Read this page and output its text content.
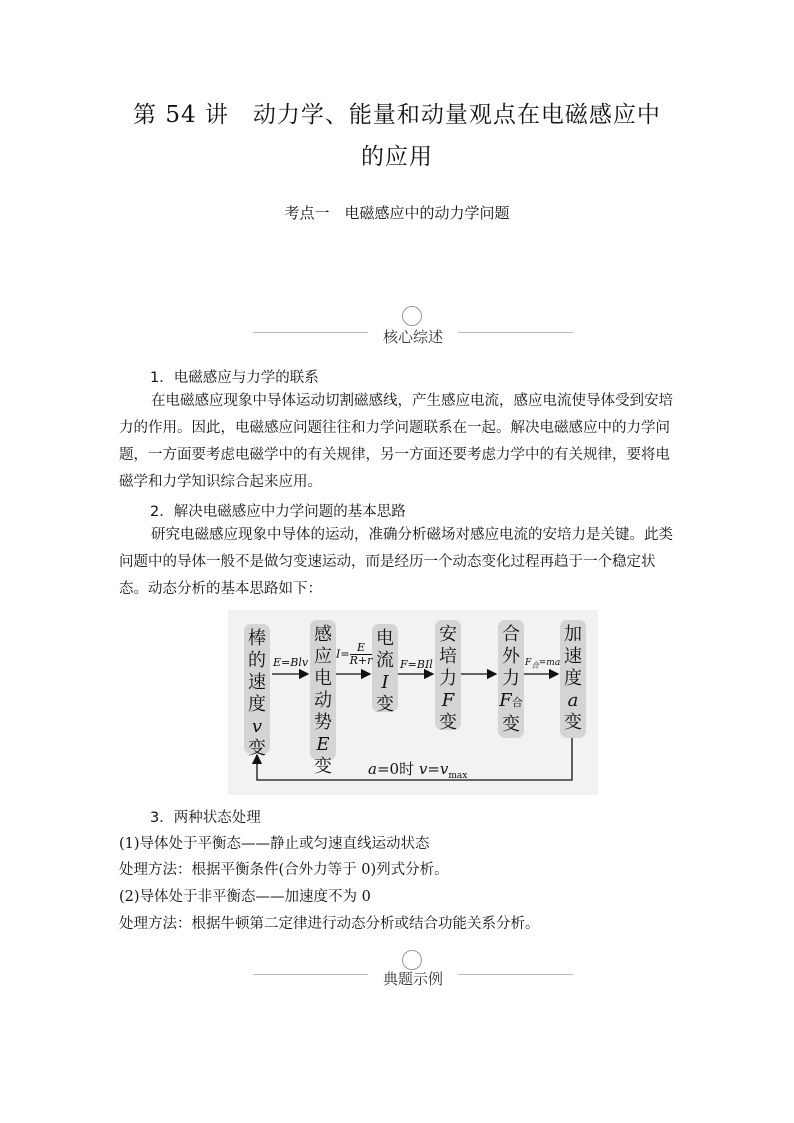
第 54 讲　动力学、能量和动量观点在电磁感应中
的应用
考点一　电磁感应中的动力学问题
核心综述
1．电磁感应与力学的联系
在电磁感应现象中导体运动切割磁感线，产生感应电流，感应电流使导体受到安培力的作用。因此，电磁感应问题往往和力学问题联系在一起。解决电磁感应中的力学问题，一方面要考虑电磁学中的有关规律，另一方面还要考虑力学中的有关规律，要将电磁学和力学知识综合起来应用。
2．解决电磁感应中力学问题的基本思路
研究电磁感应现象中导体的运动，准确分析磁场对感应电流的安培力是关键。此类问题中的导体一般不是做匀变速运动，而是经历一个动态变化过程再趋于一个稳定状态。动态分析的基本思路如下：
棒
的
速
度
v
变
感
应
电
动
势
E
变
电
流
I
变
安
培
力
F
变
合
外
力
F合
变
加
速
度
a
变
E=Blv
$I= \frac{E}{R+r}$	F=BIl	$F_合=ma$
a=0时 $v=v_{max}$
3．两种状态处理
(1)导体处于平衡态——静止或匀速直线运动状态
处理方法：根据平衡条件(合外力等于 0)列式分析。
(2)导体处于非平衡态——加速度不为 0
处理方法：根据牛顿第二定律进行动态分析或结合功能关系分析。
典题示例
